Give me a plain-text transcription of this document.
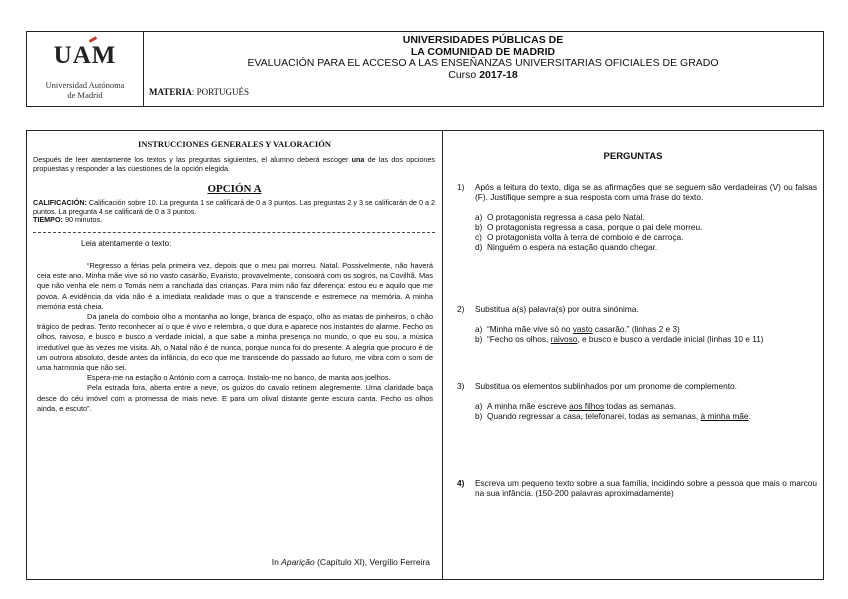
UAM
Universidad Autónoma
de Madrid
UNIVERSIDADES PÚBLICAS DE
LA COMUNIDAD DE MADRID
EVALUACIÓN PARA EL ACCESO A LAS ENSEÑANZAS UNIVERSITARIAS OFICIALES DE GRADO
Curso 2017-18
MATERIA: PORTUGUÉS
INSTRUCCIONES GENERALES Y VALORACIÓN
Después de leer atentamente los textos y las preguntas siguientes, el alumno deberá escoger una de las dos opciones propuestas y responder a las cuestiones de la opción elegida.
OPCIÓN A
CALIFICACIÓN: Calificación sobre 10. La pregunta 1 se calificará de 0 a 3 puntos. Las preguntas 2 y 3 se calificarán de 0 a 2 puntos. La pregunta 4 se calificará de 0 a 3 puntos.
TIEMPO: 90 minutos.
Leia atentamente o texto:

“Regresso a férias pela primeira vez, depois que o meu pai morreu. Natal. Possivelmente, não haverá ceia este ano. Minha mãe vive só no vasto casarão, Evaristo, provavelmente, consoará com os sogros, na Covilhã. Mas que não venha ele nem o Tomás nem a ranchada das crianças. Para mim não faz diferença: estou eu e aquilo que me povoa. A evidência da vida não é a imediata realidade mas o que a transcende e estremece na memória. A minha memória está cheia.

Da janela do comboio olho a montanha ao longe, branca de espaço, olho as matas de pinheiros, o chão trágico de pedras. Tento reconhecer aí o que é vivo e relembra, o que dura e aparece nos instantes do alarme. Fecho os olhos, raivoso, e busco e busco a verdade inicial, a que sabe a minha presença no mundo, o que eu sou, a música irredutível que às vezes me visita. Ah, o Natal não é de nunca, porque nunca foi do presente. A alegria que procuro é de um outrora absoluto, desde antes da infância, do eco que me transcende do passado ao futuro, me vibra com o som de uma harmonia que não sei.

Espera-me na estação o António com a carroça. Instalo-me no banco, de manta aos joelhos.

Pela estrada fora, aberta entre a neve, os guizos do cavalo retinem alegremente. Uma claridade baça desce do céu imóvel com a promessa de mais neve. E para um olival distante gente escura canta. Fecho os olhos ainda, e escuto”.

In Aparição (Capítulo XI), Vergílio Ferreira
PERGUNTAS
1) Após a leitura do texto, diga se as afirmações que se seguem são verdadeiras (V) ou falsas (F). Justifique sempre a sua resposta com uma frase do texto.
a) O protagonista regressa a casa pelo Natal.
b) O protagonista regressa a casa, porque o pai dele morreu.
c) O protagonista volta à terra de comboio e de carroça.
d) Ninguém o espera na estação quando chegar.
2) Substitua a(s) palavra(s) por outra sinónima.
a) “Minha mãe vive só no vasto casarão.” (linhas 2 e 3)
b) “Fecho os olhos, raivoso, e busco e busco a verdade inicial (linhas 10 e 11)
3) Substitua os elementos sublinhados por um pronome de complemento.
a) A minha mãe escreve aos filhos todas as semanas.
b) Quando regressar a casa, telefonarei, todas as semanas, à minha mãe.
4) Escreva um pequeno texto sobre a sua família, incidindo sobre a pessoa que mais o marcou na sua infância. (150-200 palavras aproximadamente)
